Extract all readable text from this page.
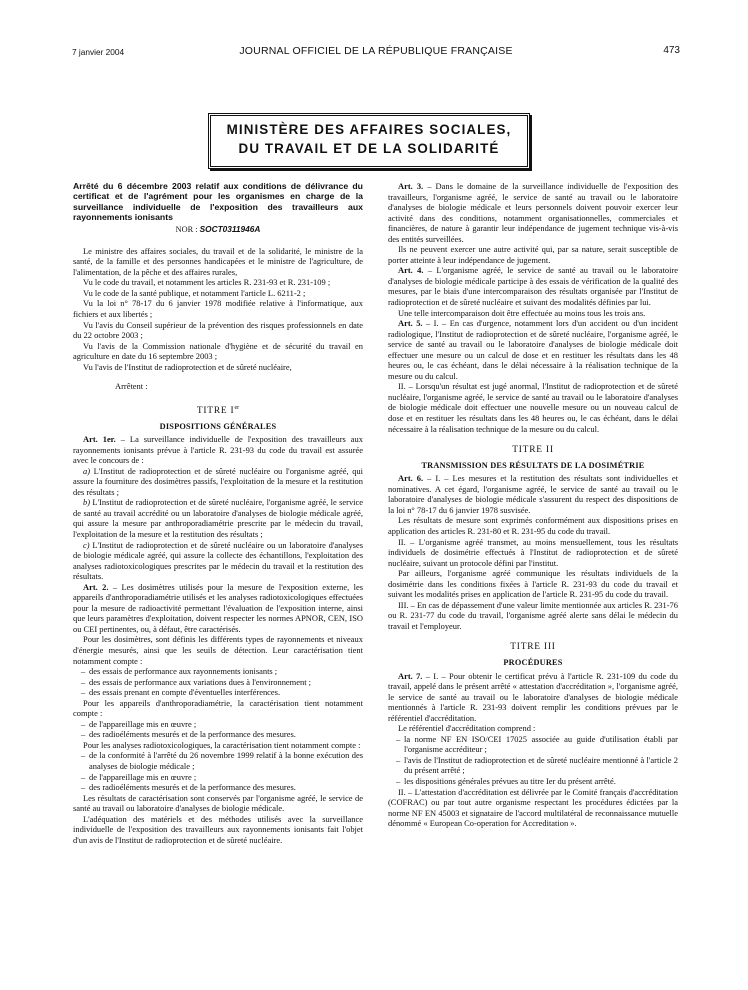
7 janvier 2004	JOURNAL OFFICIEL DE LA RÉPUBLIQUE FRANÇAISE	473
MINISTÈRE DES AFFAIRES SOCIALES,
DU TRAVAIL ET DE LA SOLIDARITÉ

Arrêté du 6 décembre 2003 relatif aux conditions de délivrance du certificat et de l'agrément pour les organismes en charge de la surveillance individuelle de l'exposition des travailleurs aux rayonnements ionisants

NOR : SOCT0311946A

Le ministre des affaires sociales, du travail et de la solidarité, le ministre de la santé, de la famille et des personnes handicapées et le ministre de l'agriculture, de l'alimentation, de la pêche et des affaires rurales,

Vu le code du travail, et notamment les articles R. 231-93 et R. 231-109 ;

Vu le code de la santé publique, et notamment l'article L. 6211-2 ;

Vu la loi n° 78-17 du 6 janvier 1978 modifiée relative à l'informatique, aux fichiers et aux libertés ;

Vu l'avis du Conseil supérieur de la prévention des risques professionnels en date du 22 octobre 2003 ;

Vu l'avis de la Commission nationale d'hygiène et de sécurité du travail en agriculture en date du 16 septembre 2003 ;

Vu l'avis de l'Institut de radioprotection et de sûreté nucléaire,

Arrêtent :

TITRE Ier
DISPOSITIONS GÉNÉRALES

Art. 1er. – La surveillance individuelle de l'exposition des travailleurs aux rayonnements ionisants prévue à l'article R. 231-93 du code du travail est assurée avec le concours de :

a) L'Institut de radioprotection et de sûreté nucléaire ou l'organisme agréé, qui assure la fourniture des dosimètres passifs, l'exploitation de la mesure et la restitution des résultats ;

b) L'Institut de radioprotection et de sûreté nucléaire, l'organisme agréé, le service de santé au travail accrédité ou un laboratoire d'analyses de biologie médicale agréé, qui assure la mesure par anthroporadiamétrie prescrite par le médecin du travail, l'exploitation de la mesure et la restitution des résultats ;

c) L'Institut de radioprotection et de sûreté nucléaire ou un laboratoire d'analyses de biologie médicale agréé, qui assure la collecte des échantillons, l'exploitation des analyses radiotoxicologiques prescrites par le médecin du travail et la restitution des résultats.

Art. 2. – Les dosimètres utilisés pour la mesure de l'exposition externe, les appareils d'anthroporadiamétrie utilisés et les analyses radiotoxicologiques effectuées pour la mesure de radioactivité permettant l'évaluation de l'exposition interne, ainsi que leurs paramètres d'exploitation, doivent respecter les normes APNOR, CEN, ISO ou CEI pertinentes, ou, à défaut, être caractérisés.

Pour les dosimètres, sont définis les différents types de rayonnements et niveaux d'énergie mesurés, ainsi que les seuils de détection. Leur caractérisation tient notamment compte :

– des essais de performance aux rayonnements ionisants ;

– des essais de performance aux variations dues à l'environnement ;

– des essais prenant en compte d'éventuelles interférences.

Pour les appareils d'anthroporadiamétrie, la caractérisation tient notamment compte :

– de l'appareillage mis en œuvre ;

– des radioéléments mesurés et de la performance des mesures.

Pour les analyses radiotoxicologiques, la caractérisation tient notamment compte :

– de la conformité à l'arrêté du 26 novembre 1999 relatif à la bonne exécution des analyses de biologie médicale ;

– de l'appareillage mis en œuvre ;

– des radioéléments mesurés et de la performance des mesures.

Les résultats de caractérisation sont conservés par l'organisme agréé, le service de santé au travail ou laboratoire d'analyses de biologie médicale.

L'adéquation des matériels et des méthodes utilisés avec la surveillance individuelle de l'exposition des travailleurs aux rayonnements ionisants fait l'objet d'un avis de l'Institut de radioprotection et de sûreté nucléaire.

Art. 3. – Dans le domaine de la surveillance individuelle de l'exposition des travailleurs, l'organisme agréé, le service de santé au travail ou le laboratoire d'analyses de biologie médicale et leurs personnels doivent pouvoir exercer leur activité dans des conditions, notamment organisationnelles, commerciales et financières, de nature à garantir leur indépendance de jugement technique vis-à-vis des entités surveillées.

Ils ne peuvent exercer une autre activité qui, par sa nature, serait susceptible de porter atteinte à leur indépendance de jugement.

Art. 4. – L'organisme agréé, le service de santé au travail ou le laboratoire d'analyses de biologie médicale participe à des essais de vérification de la qualité des mesures, par le biais d'une intercomparaison des résultats organisée par l'Institut de radioprotection et de sûreté nucléaire et suivant des modalités définies par lui.

Une telle intercomparaison doit être effectuée au moins tous les trois ans.

Art. 5. – I. – En cas d'urgence, notamment lors d'un accident ou d'un incident radiologique, l'Institut de radioprotection et de sûreté nucléaire, l'organisme agréé, le service de santé au travail ou le laboratoire d'analyses de biologie médicale doit effectuer une mesure ou un calcul de dose et en restituer les résultats dans les 48 heures ou, le cas échéant, dans le délai nécessaire à la réalisation technique de la mesure ou du calcul.

II. – Lorsqu'un résultat est jugé anormal, l'Institut de radioprotection et de sûreté nucléaire, l'organisme agréé, le service de santé au travail ou le laboratoire d'analyses de biologie médicale doit effectuer une nouvelle mesure ou un nouveau calcul de dose et en restituer les résultats dans les 48 heures ou, le cas échéant, dans le délai nécessaire à la réalisation technique de la mesure ou du calcul.

TITRE II
TRANSMISSION DES RÉSULTATS DE LA DOSIMÉTRIE

Art. 6. – I. – Les mesures et la restitution des résultats sont individuelles et nominatives. A cet égard, l'organisme agréé, le service de santé au travail ou le laboratoire d'analyses de biologie médicale s'assurent du respect des dispositions de la loi n° 78-17 du 6 janvier 1978 susvisée.

Les résultats de mesure sont exprimés conformément aux dispositions prises en application des articles R. 231-80 et R. 231-95 du code du travail.

II. – L'organisme agréé transmet, au moins mensuellement, tous les résultats individuels de dosimétrie effectués à l'Institut de radioprotection et de sûreté nucléaire, suivant un protocole défini par l'institut.

Par ailleurs, l'organisme agréé communique les résultats individuels de la dosimétrie dans les conditions fixées à l'article R. 231-93 du code du travail et suivant les modalités prises en application de l'article R. 231-95 du code du travail.

III. – En cas de dépassement d'une valeur limite mentionnée aux articles R. 231-76 ou R. 231-77 du code du travail, l'organisme agréé alerte sans délai le médecin du travail et l'employeur.

TITRE III
PROCÉDURES

Art. 7. – I. – Pour obtenir le certificat prévu à l'article R. 231-109 du code du travail, appelé dans le présent arrêté « attestation d'accréditation », l'organisme agréé, le service de santé au travail ou le laboratoire d'analyses de biologie médicale mentionnés à l'article R. 231-93 doivent remplir les conditions prévues par le référentiel d'accréditation.

Le référentiel d'accréditation comprend :

– la norme NF EN ISO/CEI 17025 associée au guide d'utilisation établi par l'organisme accréditeur ;

– l'avis de l'Institut de radioprotection et de sûreté nucléaire mentionné à l'article 2 du présent arrêté ;

– les dispositions générales prévues au titre Ier du présent arrêté.

II. – L'attestation d'accréditation est délivrée par le Comité français d'accréditation (COFRAC) ou par tout autre organisme respectant les procédures édictées par la norme NF EN 45003 et signataire de l'accord multilatéral de reconnaissance mutuelle dénommé « European Co-operation for Accreditation ».
